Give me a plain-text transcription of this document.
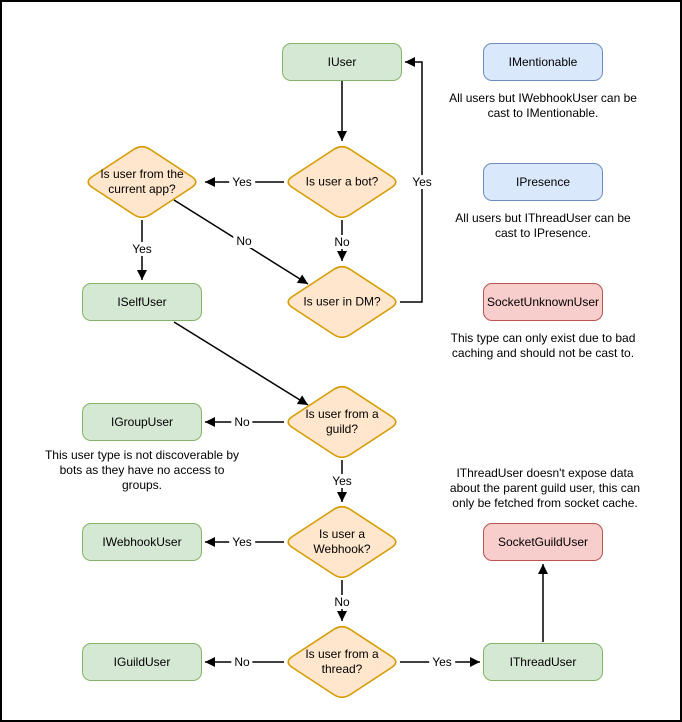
IUser	IMentionable
IPresence
SocketUnknownUser
ISelfUser
IGroupUser
IWebhookUser
IGuildUser
SocketGuildUser
IThreadUser
Is user a bot?
Is user from the current app?
Is user in DM?
Is user from a guild?
Is user a Webhook?
Is user from a thread?
Yes
No
Yes
No
Yes
No
Yes
Yes
No
No	Yes
All users but IWebhookUser can be
cast to IMentionable.
All users but IThreadUser can be
cast to IPresence.
This type can only exist due to bad
caching and should not be cast to.
This user type is not discoverable by
bots as they have no access to
groups.
IThreadUser doesn't expose data
about the parent guild user, this can
only be fetched from socket cache.
